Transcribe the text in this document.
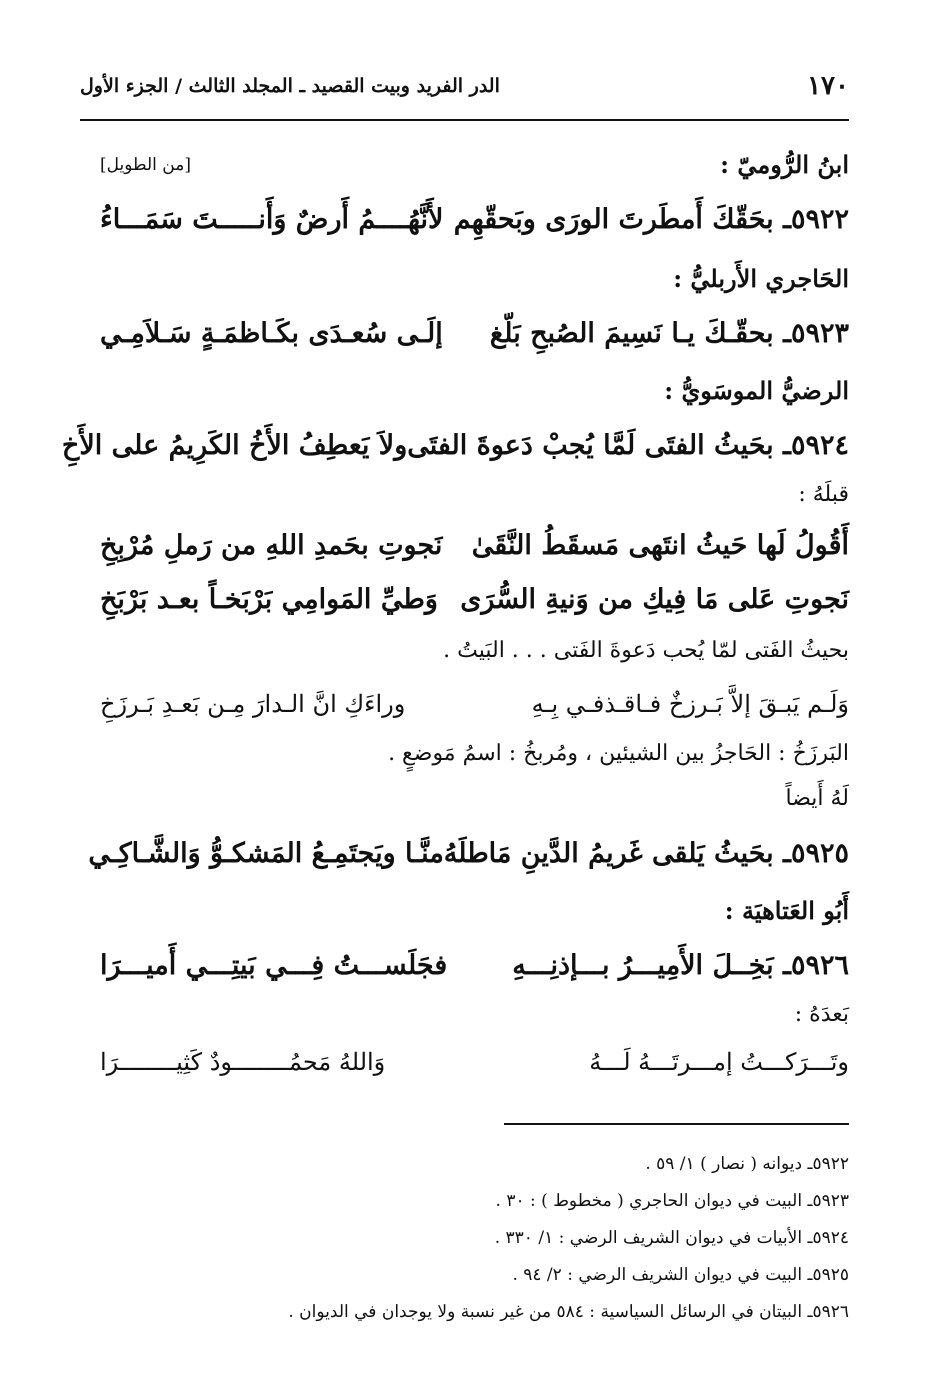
١٧٠
الدر الفريد وبيت القصيد ـ المجلد الثالث / الجزء الأول
ابنُ الرُّوميّ :
[من الطويل]
٥٩٢٢ـ بحَقّكَ أَمطَرتَ الورَى وبَحقّهِم
لأَنَّهُــــمُ أَرضٌ وَأَنـــــتَ سَمَـــاءُ
الحَاجري الأَربليُّ :
٥٩٢٣ـ بحقّـكَ يـا نَسِيمَ الصُبحِ بَلّغ
إلَـى سُعـدَى بكَـاظمَـةٍ سَـلاَمِـي
الرضيُّ الموسَويُّ :
٥٩٢٤ـ بحَيثُ الفتَى لَمَّا يُجبْ دَعوةَ الفتَى
ولاَ يَعطِفُ الأَخُ الكَرِيمُ على الأَخِ
قبلَهُ :
أَقُولُ لَها حَيثُ انتَهى مَسقَطُ النَّقَىٰ
نَجوتِ بحَمدِ اللهِ من رَملِ مُرْبِخِ
نَجوتِ عَلى مَا فِيكِ من وَنيةِ السُّرَى
وَطيِّ المَوامِي بَرْبَخـاً بعـد بَرْبَخِ
بحيثُ الفَتى لمّا يُحب دَعوةَ الفَتى . . . البَيتُ .
وَلَـم يَبـقَ إلاَّ بَـرزخٌ فـاقـذفـي بِـهِ
وراءَكِ انَّ الـدارَ مِـن بَعـدِ بَـرزَخِ
البَرزَخُ : الحَاجزُ بين الشيئين ، ومُربخُ : اسمُ مَوضعٍ .
لَهُ أَيضاً
٥٩٢٥ـ بحَيثُ يَلقى غَريمُ الدَّينِ مَاطلَهُ
منَّـا ويَجتَمِـعُ المَشكـوُّ وَالشَّـاكِـي
أَبُو العَتاهيَة :
٥٩٢٦ـ بَخِــلَ الأَمِيـــرُ بـــإذنِـــهِ
فجَلَســـتُ فِـــي بَيتِـــي أَميـــرَا
بَعدَهُ :
وتَـــرَكـــتُ إمـــرتَـــهُ لَـــهُ
وَاللهُ مَحمُــــــــودٌ كَثِيــــــــرَا
٥٩٢٢ـ ديوانه ( نصار ) ١/ ٥٩ .
٥٩٢٣ـ البيت في ديوان الحاجري ( مخطوط ) : ٣٠ .
٥٩٢٤ـ الأبيات في ديوان الشريف الرضي : ١/ ٣٣٠ .
٥٩٢٥ـ البيت في ديوان الشريف الرضي : ٢/ ٩٤ .
٥٩٢٦ـ البيتان في الرسائل السياسية : ٥٨٤ من غير نسبة ولا يوجدان في الديوان .
